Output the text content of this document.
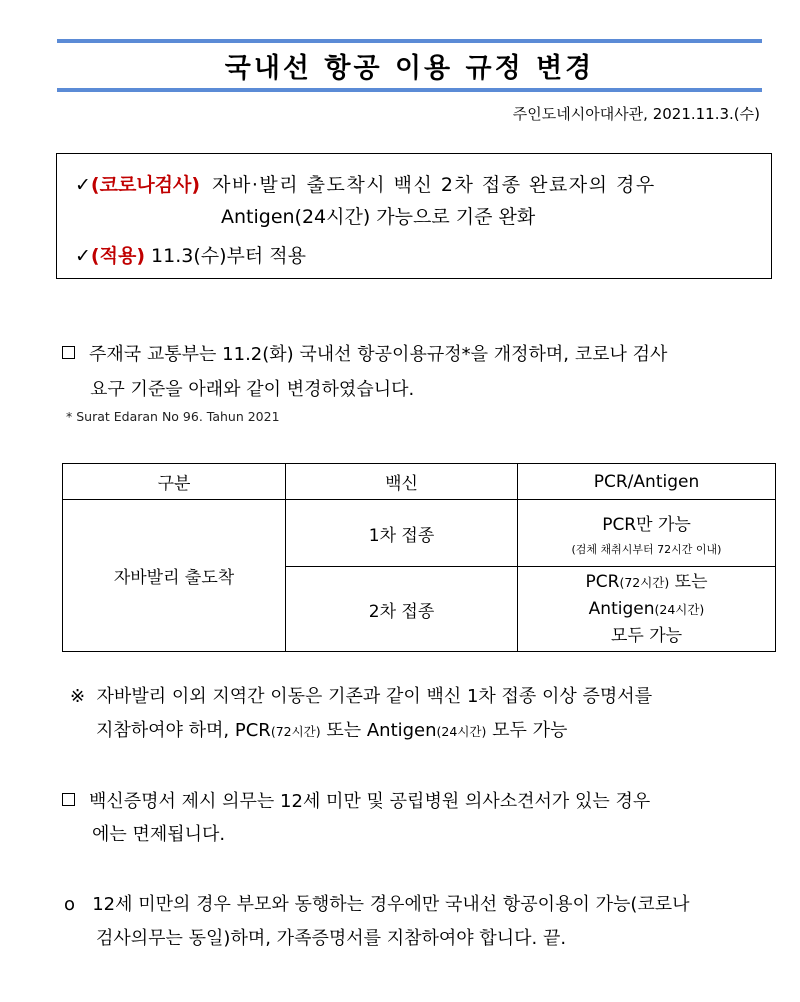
국내선 항공 이용 규정 변경
주인도네시아대사관, 2021.11.3.(수)
✓(코로나검사) 자바·발리 출도착시 백신 2차 접종 완료자의 경우
Antigen(24시간) 가능으로 기준 완화
✓(적용) 11.3(수)부터 적용
주재국 교통부는 11.2(화) 국내선 항공이용규정*을 개정하며, 코로나 검사
요구 기준을 아래와 같이 변경하였습니다.
* Surat Edaran No 96. Tahun 2021
구분	백신	PCR/Antigen
자바발리 출도착	1차 접종	PCR만 가능
(검체 채취시부터 72시간 이내)

	2차 접종	PCR(72시간) 또는
Antigen(24시간)
모두 가능
※ 자바발리 이외 지역간 이동은 기존과 같이 백신 1차 접종 이상 증명서를
지참하여야 하며, PCR(72시간) 또는 Antigen(24시간) 모두 가능
백신증명서 제시 의무는 12세 미만 및 공립병원 의사소견서가 있는 경우
에는 면제됩니다.
o 12세 미만의 경우 부모와 동행하는 경우에만 국내선 항공이용이 가능(코로나
검사의무는 동일)하며, 가족증명서를 지참하여야 합니다. 끝.
